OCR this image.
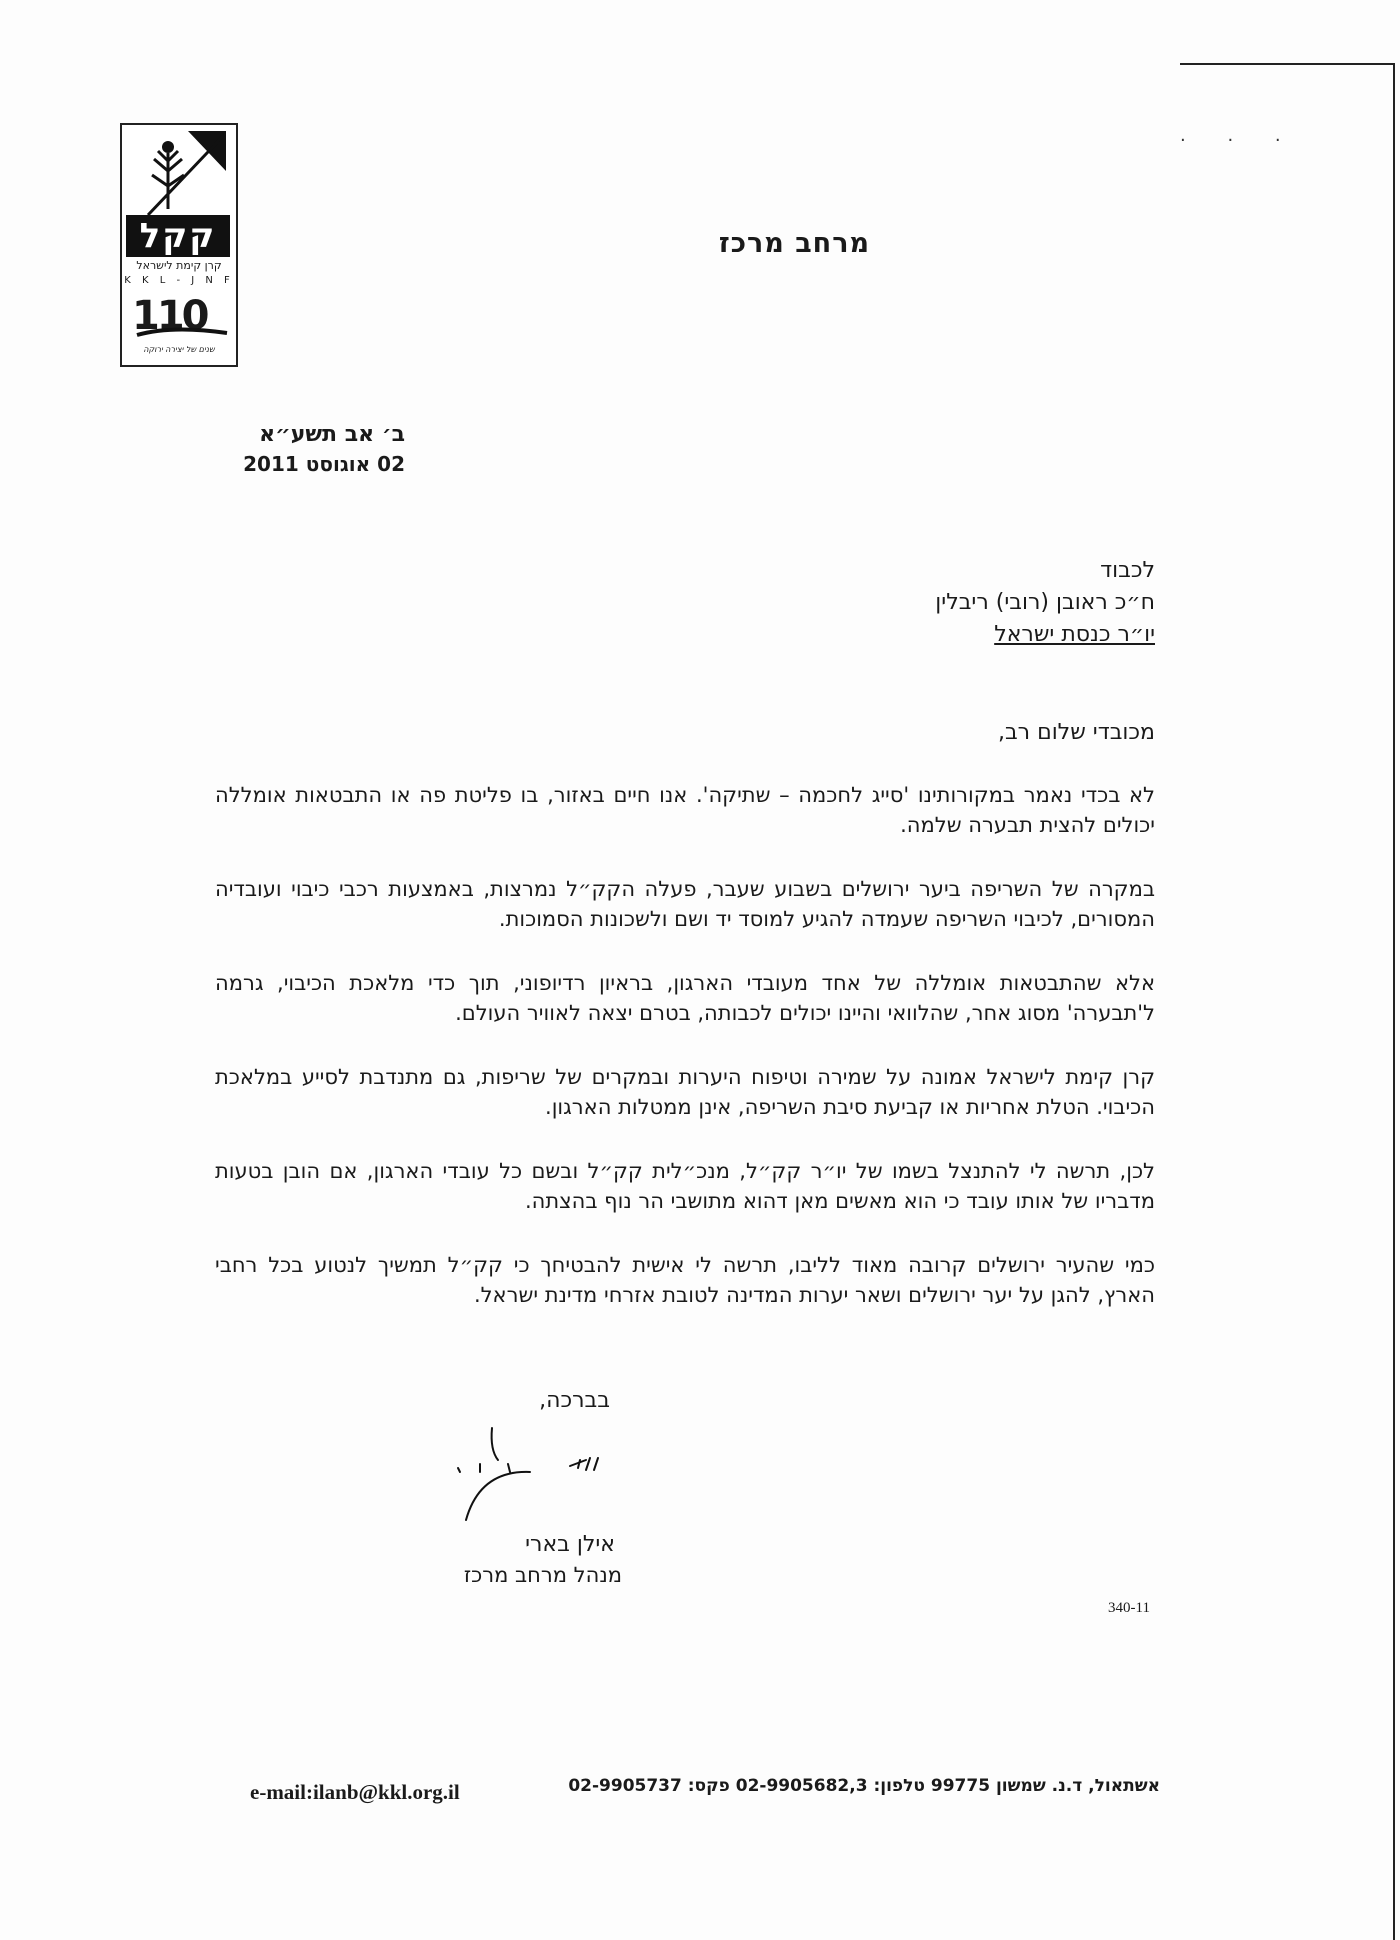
· · ·
קקל
קרן קימת לישראל
K K L - J N F
110
שנים של יצירה ירוקה
מרחב מרכז
ב׳ אב תשע״א
02 אוגוסט 2011
לכבוד
ח״כ ראובן (רובי) ריבלין
יו״ר כנסת ישראל
מכובדי שלום רב,

לא בכדי נאמר במקורותינו 'סייג לחכמה – שתיקה'. אנו חיים באזור, בו פליטת פה או התבטאות אומללה יכולים להצית תבערה שלמה.

במקרה של השריפה ביער ירושלים בשבוע שעבר, פעלה הקק״ל נמרצות, באמצעות רכבי כיבוי ועובדיה המסורים, לכיבוי השריפה שעמדה להגיע למוסד יד ושם ולשכונות הסמוכות.

אלא שהתבטאות אומללה של אחד מעובדי הארגון, בראיון רדיופוני, תוך כדי מלאכת הכיבוי, גרמה ל'תבערה' מסוג אחר, שהלוואי והיינו יכולים לכבותה, בטרם יצאה לאוויר העולם.

קרן קימת לישראל אמונה על שמירה וטיפוח היערות ובמקרים של שריפות, גם מתנדבת לסייע במלאכת הכיבוי. הטלת אחריות או קביעת סיבת השריפה, אינן ממטלות הארגון.

לכן, תרשה לי להתנצל בשמו של יו״ר קק״ל, מנכ״לית קק״ל ובשם כל עובדי הארגון, אם הובן בטעות מדבריו של אותו עובד כי הוא מאשים מאן דהוא מתושבי הר נוף בהצתה.

כמי שהעיר ירושלים קרובה מאוד לליבו, תרשה לי אישית להבטיחך כי קק״ל תמשיך לנטוע בכל רחבי הארץ, להגן על יער ירושלים ושאר יערות המדינה לטובת אזרחי מדינת ישראל.

בברכה,
אילן בארי
מנהל מרחב מרכז
340-11
e-mail:ilanb@kkl.org.il	אשתאול, ד.נ. שמשון 99775 טלפון: 02-9905682,3 פקס: 02-9905737
